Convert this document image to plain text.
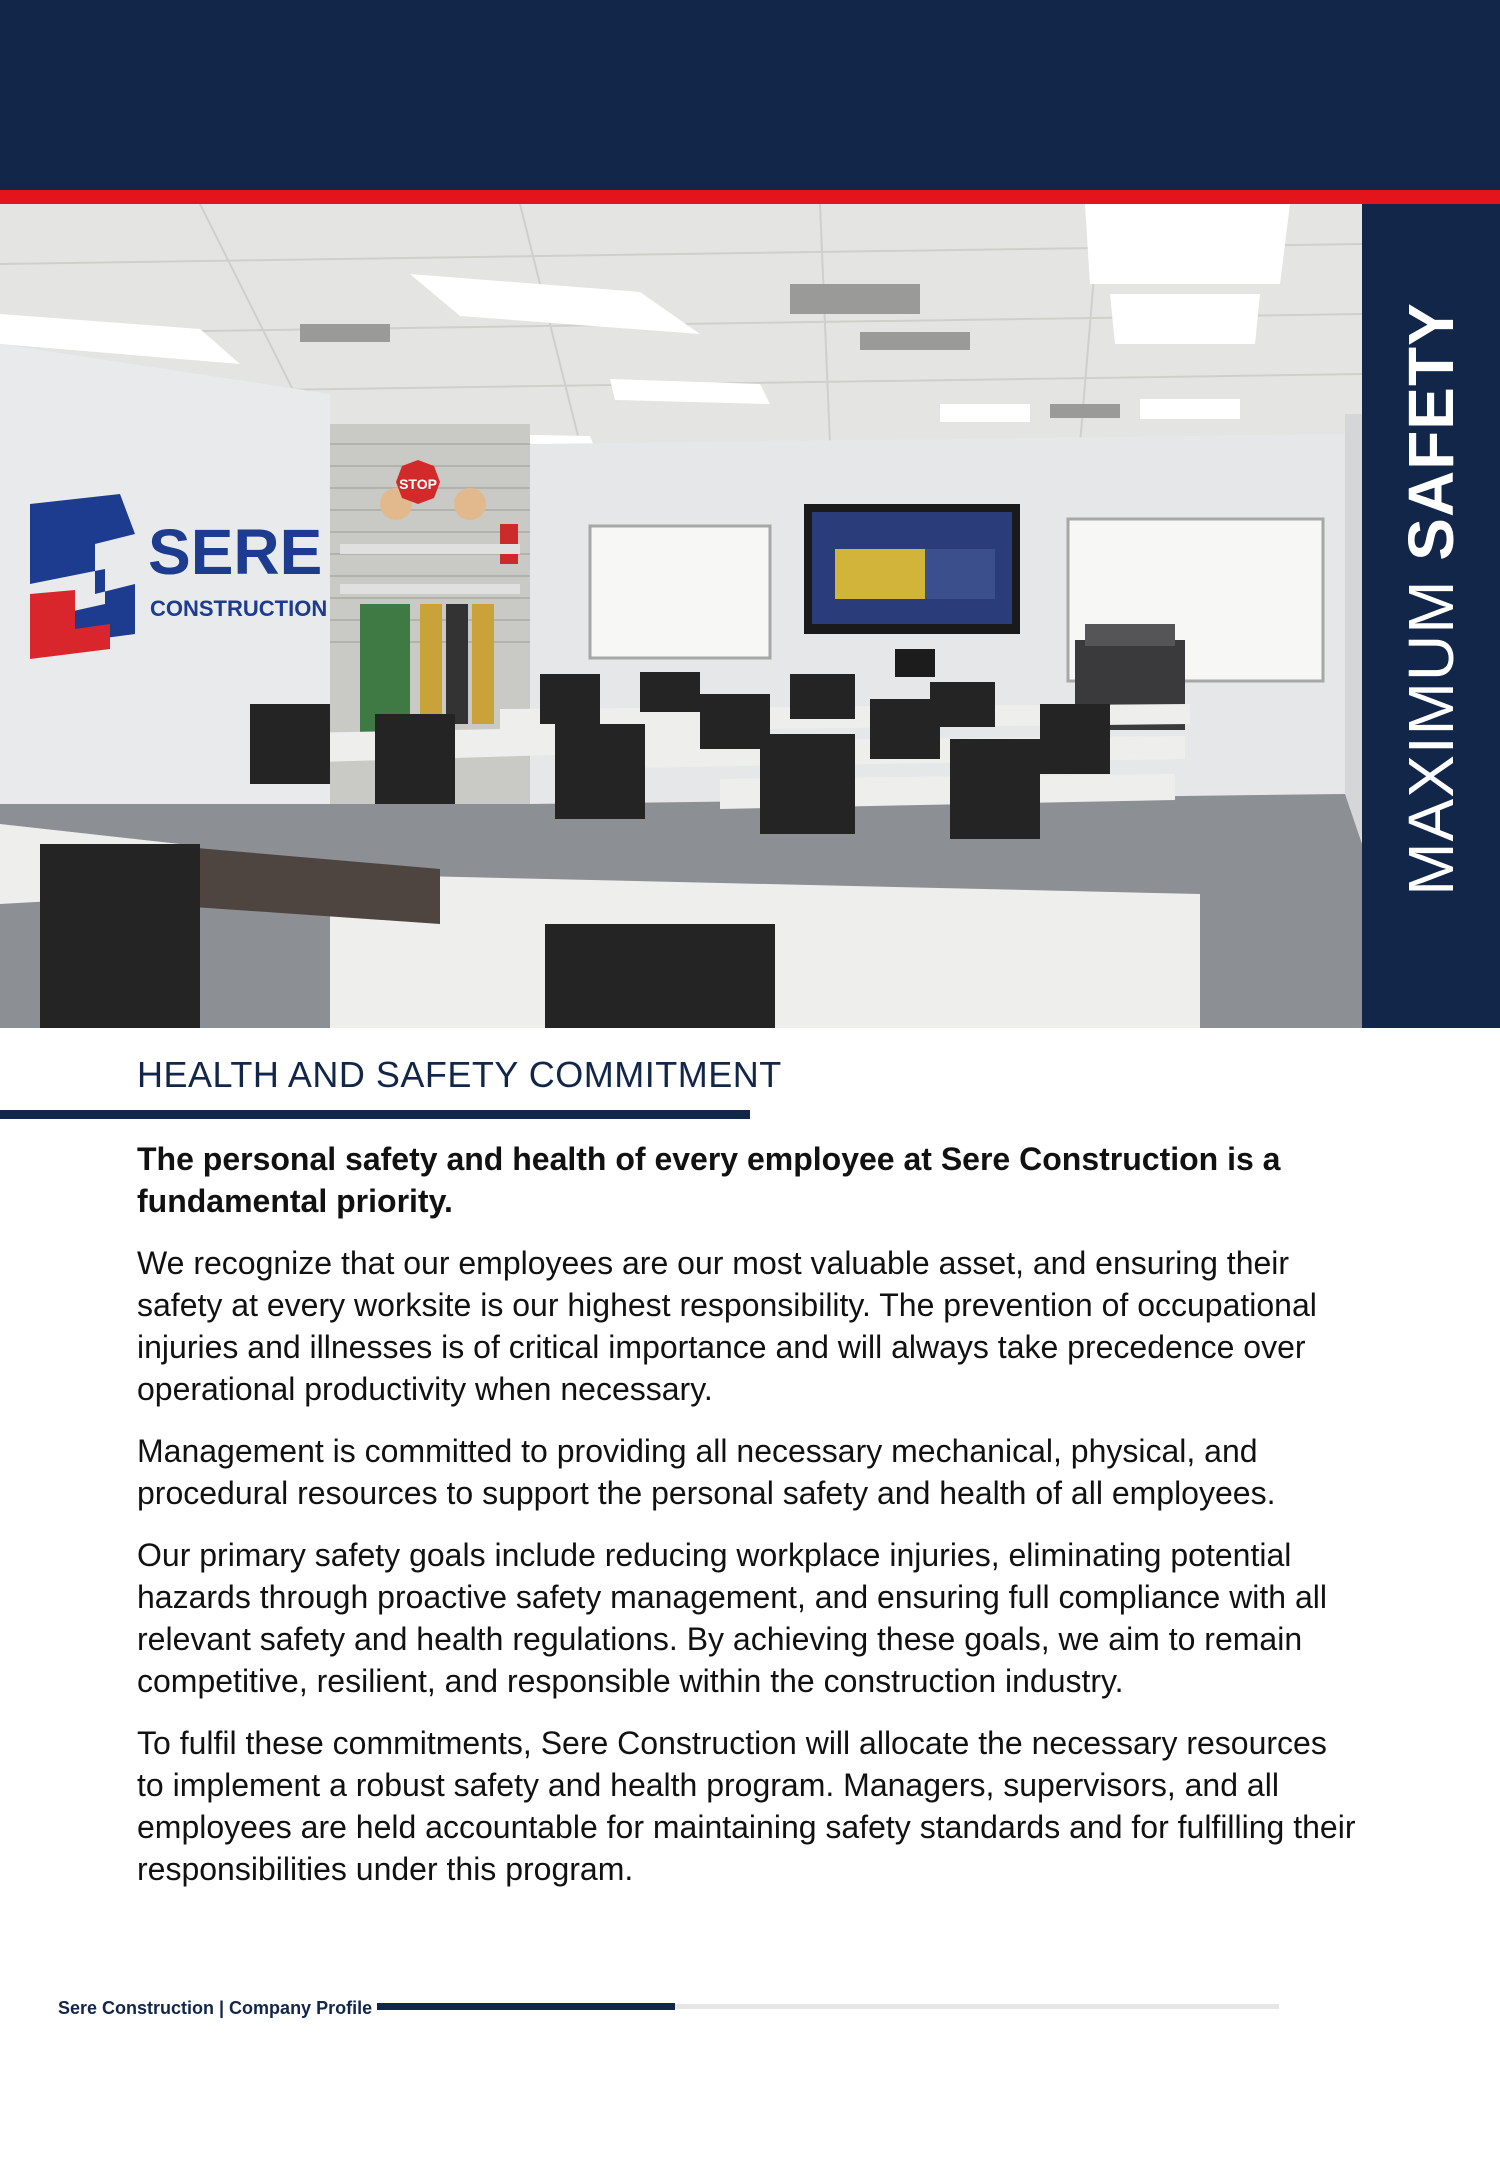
STOP
SERE
CONSTRUCTION	MAXIMUM SAFETY
HEALTH AND SAFETY COMMITMENT

The personal safety and health of every employee at Sere Construction is a fundamental priority.

We recognize that our employees are our most valuable asset, and ensuring their safety at every worksite is our highest responsibility. The prevention of occupational injuries and illnesses is of critical importance and will always take precedence over operational productivity when necessary.

Management is committed to providing all necessary mechanical, physical, and procedural resources to support the personal safety and health of all employees.

Our primary safety goals include reducing workplace injuries, eliminating potential hazards through proactive safety management, and ensuring full compliance with all relevant safety and health regulations. By achieving these goals, we aim to remain competitive, resilient, and responsible within the construction industry.

To fulfil these commitments, Sere Construction will allocate the necessary resources to implement a robust safety and health program. Managers, supervisors, and all employees are held accountable for maintaining safety standards and for fulfilling their responsibilities under this program.

Sere Construction | Company Profile
